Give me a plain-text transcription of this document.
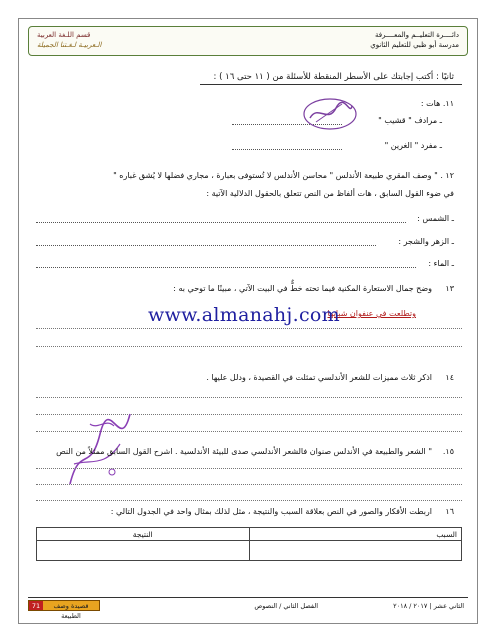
دائــــرة التعليــم والمعــــرفة
مدرسة أبو ظبي للتعليم الثانوي
قسم اللـغة العربية
الـعربيـة لـغـتنا الجميلة
ثانيًا : أكتب إجابتك على الأسطر المنقطة للأسئلة من ( ١١ حتى ١٦ ) :
١١. هات :
ـ مرادف " قشيب "
ـ مفرد " الغرين "
١٢ . " وصف المقري طبيعة الأندلس " محاسن الأندلس لا تُستوفى بعبارة ، مجاري فضلها لا يُشق غباره "
في ضوء القول السابق ، هات ألفاظ من النص تتعلق بالحقول الدلالية الآتية :
ـ الشمس :
ـ الزهر والشجر :
ـ الماء :
١٣
وضح جمال الاستعارة المكنية فيما تحته خطٌّ في البيت الآتي ، مبينًا ما توحي به :
وتطلعت في عنفوان شبابها
www.almanahj.com
١٤
اذكر ثلاث مميزات للشعر الأندلسي تمثلت في القصيدة ، ودلل عليها .
١٥.
" الشعر والطبيعة في الأندلس صنوان فالشعر الأندلسي صدى للبيئة الأندلسية . اشرح القول السابق ممثلاً من النص
١٦
اربطت الأفكار والصور في النص بعلاقة السبب والنتيجة ، مثل لذلك بمثال واحد في الجدول التالي :
السبب	النتيجة

الثاني عشر | ٢٠١٧ / ٢٠١٨
الفصل الثاني / النصوص
قصيدة وصف الطبيعة
71
